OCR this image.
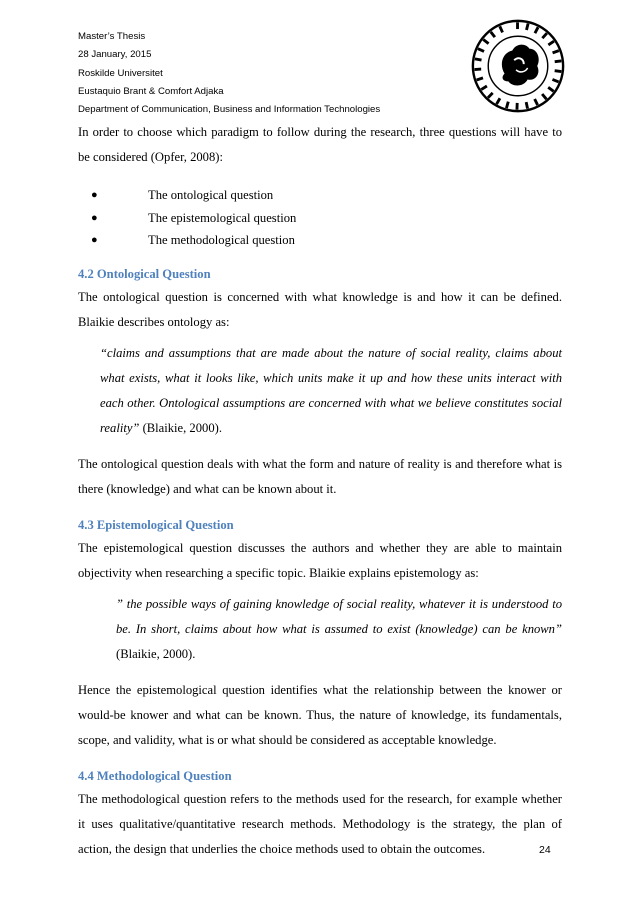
Master’s Thesis
28 January, 2015
Roskilde Universitet
Eustaquio Brant & Comfort Adjaka
Department of Communication, Business and Information Technologies

In order to choose which paradigm to follow during the research, three questions will have to be considered (Opfer, 2008):

●	The ontological question
●	The epistemological question
●	The methodological question
4.2 Ontological Question

The ontological question is concerned with what knowledge is and how it can be defined. Blaikie describes ontology as:

“claims and assumptions that are made about the nature of social reality, claims about what exists, what it looks like, which units make it up and how these units interact with each other. Ontological assumptions are concerned with what we believe constitutes social reality” (Blaikie, 2000).

The ontological question deals with what the form and nature of reality is and therefore what is there (knowledge) and what can be known about it.

4.3 Epistemological Question

The epistemological question discusses the authors and whether they are able to maintain objectivity when researching a specific topic. Blaikie explains epistemology as:

” the possible ways of gaining knowledge of social reality, whatever it is understood to be. In short, claims about how what is assumed to exist (knowledge) can be known” (Blaikie, 2000).

Hence the epistemological question identifies what the relationship between the knower or would-be knower and what can be known. Thus, the nature of knowledge, its fundamentals, scope, and validity, what is or what should be considered as acceptable knowledge.

4.4 Methodological Question

The methodological question refers to the methods used for the research, for example whether it uses qualitative/quantitative research methods. Methodology is the strategy, the plan of action, the design that underlies the choice methods used to obtain the outcomes.	24
